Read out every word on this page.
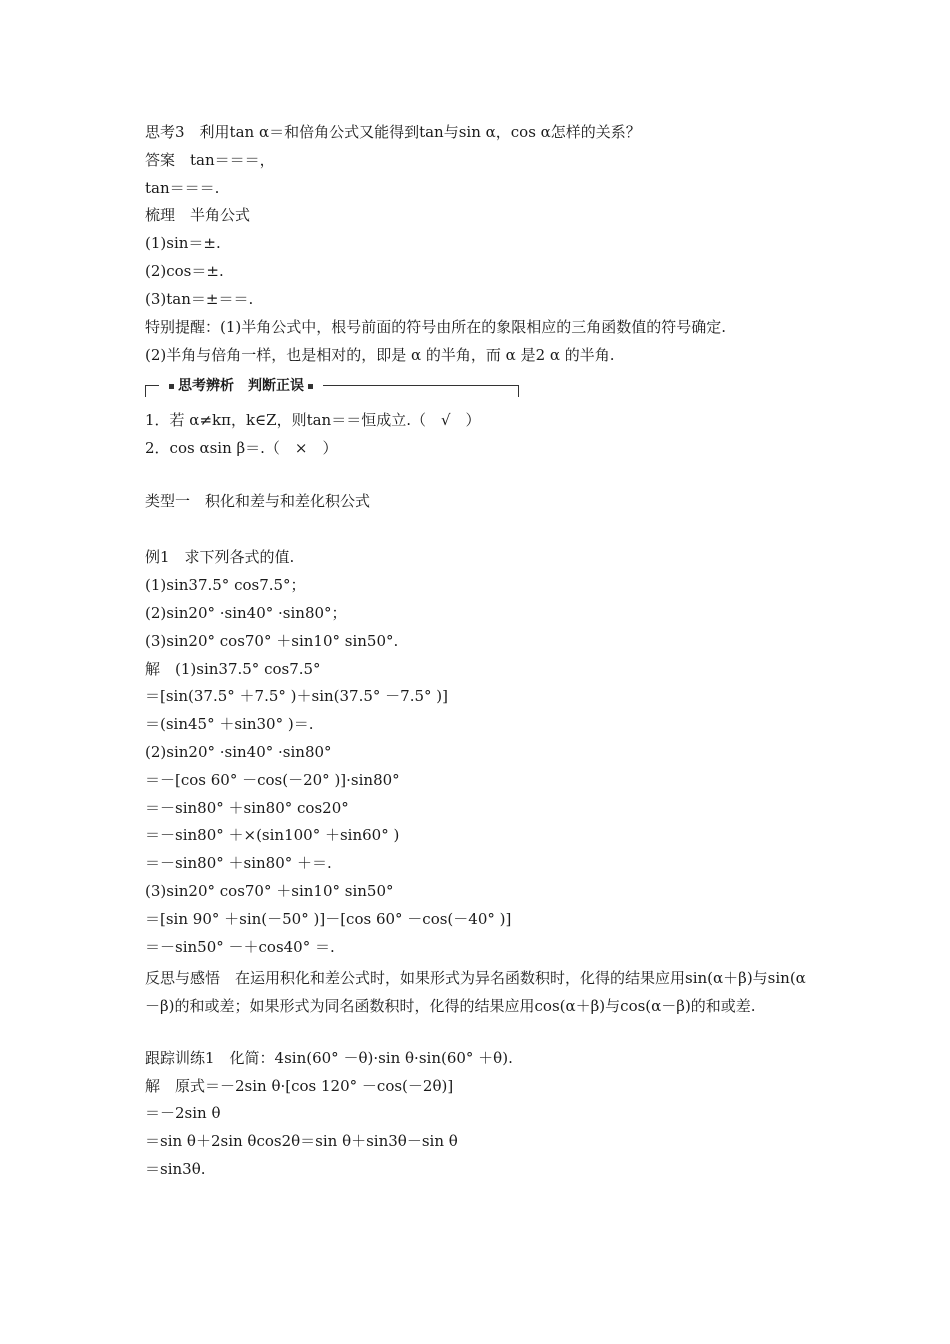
思考3　利用tan α＝和倍角公式又能得到tan与sin α，cos α怎样的关系？
答案　tan＝＝＝，
tan＝＝＝.
梳理　半角公式
(1)sin＝±.
(2)cos＝±.
(3)tan＝±＝＝.
特别提醒：(1)半角公式中，根号前面的符号由所在的象限相应的三角函数值的符号确定.
(2)半角与倍角一样，也是相对的，即是 α 的半角，而 α 是2 α 的半角.
思考辨析　判断正误
1．若 α≠kπ，k∈Z，则tan＝＝恒成立.（　√　）
2．cos αsin β＝.（　×　）
类型一　积化和差与和差化积公式
例1　求下列各式的值.
(1)sin37.5° cos7.5°；
(2)sin20° ·sin40° ·sin80°；
(3)sin20° cos70° ＋sin10° sin50°.
解　(1)sin37.5° cos7.5°
＝[sin(37.5° ＋7.5° )＋sin(37.5° －7.5° )]
＝(sin45° ＋sin30° )＝.
(2)sin20° ·sin40° ·sin80°
＝－[cos 60° －cos(－20° )]·sin80°
＝－sin80° ＋sin80° cos20°
＝－sin80° ＋×(sin100° ＋sin60° )
＝－sin80° ＋sin80° ＋＝.
(3)sin20° cos70° ＋sin10° sin50°
＝[sin 90° ＋sin(－50° )]－[cos 60° －cos(－40° )]
＝－sin50° －＋cos40° ＝.
反思与感悟　在运用积化和差公式时，如果形式为异名函数积时，化得的结果应用sin(α＋β)与sin(α－β)的和或差；如果形式为同名函数积时，化得的结果应用cos(α＋β)与cos(α－β)的和或差.
跟踪训练1　化简：4sin(60° －θ)·sin θ·sin(60° ＋θ).
解　原式＝－2sin θ·[cos 120° －cos(－2θ)]
＝－2sin θ
＝sin θ＋2sin θcos2θ＝sin θ＋sin3θ－sin θ
＝sin3θ.
